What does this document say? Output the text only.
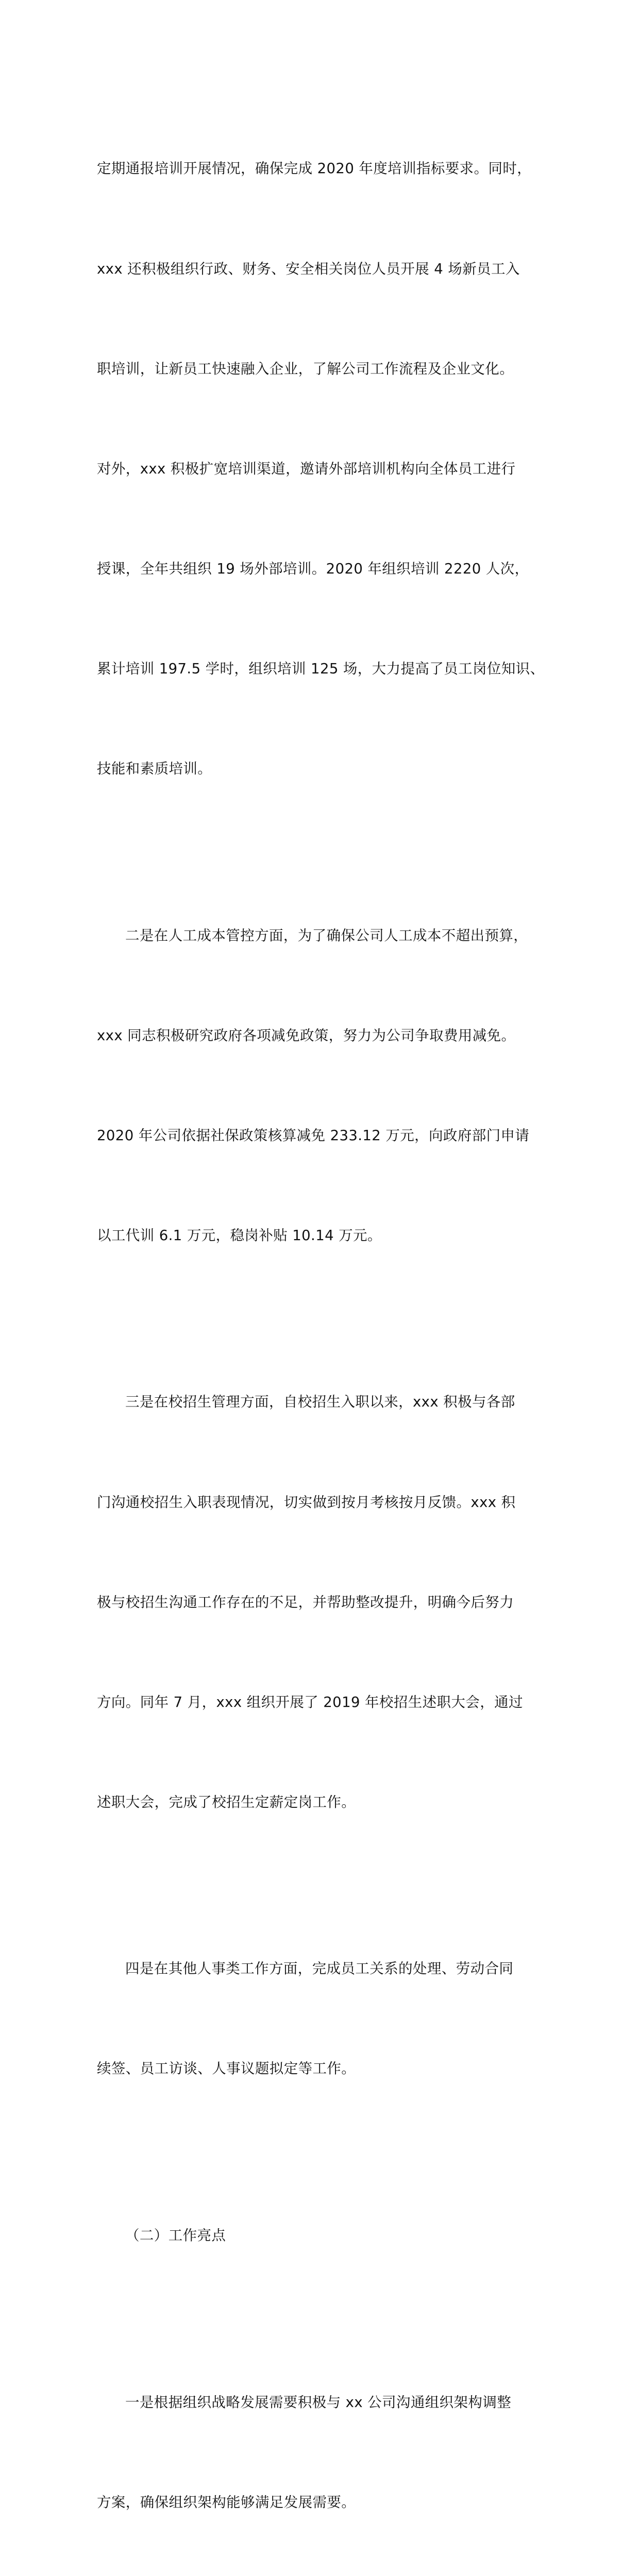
定期通报培训开展情况，确保完成 2020 年度培训指标要求。同时，

xxx 还积极组织行政、财务、安全相关岗位人员开展 4 场新员工入

职培训，让新员工快速融入企业，了解公司工作流程及企业文化。

对外，xxx 积极扩宽培训渠道，邀请外部培训机构向全体员工进行

授课，全年共组织 19 场外部培训。2020 年组织培训 2220 人次，

累计培训 197.5 学时，组织培训 125 场，大力提高了员工岗位知识、

技能和素质培训。

二是在人工成本管控方面，为了确保公司人工成本不超出预算，

xxx 同志积极研究政府各项减免政策，努力为公司争取费用减免。

2020 年公司依据社保政策核算减免 233.12 万元，向政府部门申请

以工代训 6.1 万元，稳岗补贴 10.14 万元。

三是在校招生管理方面，自校招生入职以来，xxx 积极与各部

门沟通校招生入职表现情况，切实做到按月考核按月反馈。xxx 积

极与校招生沟通工作存在的不足，并帮助整改提升，明确今后努力

方向。同年 7 月，xxx 组织开展了 2019 年校招生述职大会，通过

述职大会，完成了校招生定薪定岗工作。

四是在其他人事类工作方面，完成员工关系的处理、劳动合同

续签、员工访谈、人事议题拟定等工作。

（二）工作亮点

一是根据组织战略发展需要积极与 xx 公司沟通组织架构调整

方案，确保组织架构能够满足发展需要。
